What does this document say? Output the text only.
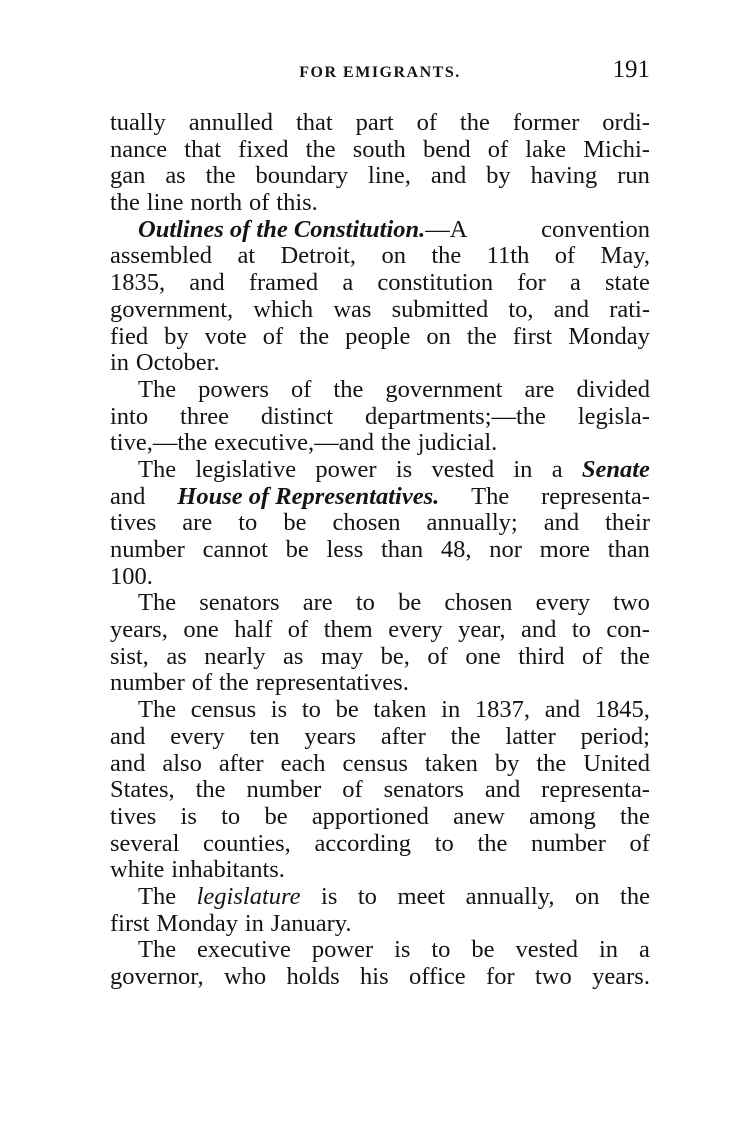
FOR EMIGRANTS.	191
tually annulled that part of the former ordi-
nance that fixed the south bend of lake Michi-
gan as the boundary line, and by having run
the line north of this.
Outlines of the Constitution.—A	convention
assembled at Detroit, on the 11th of May,
1835, and framed a constitution for a state
government, which was submitted to, and rati-
fied by vote of the people on the first Monday
in October.
The powers of the government are divided
into three distinct departments;—the legisla-
tive,—the executive,—and the judicial.
The legislative power is vested in a Senate
and House of Representatives. The representa-
tives are to be chosen annually; and their
number cannot be less than 48, nor more than
100.
The senators are to be chosen every two
years, one half of them every year, and to con-
sist, as nearly as may be, of one third of the
number of the representatives.
The census is to be taken in 1837, and 1845,
and every ten years after the latter period;
and also after each census taken by the United
States, the number of senators and representa-
tives is to be apportioned anew among the
several counties, according to the number of
white inhabitants.
The legislature is to meet annually, on the
first Monday in January.
The executive power is to be vested in a
governor, who holds his office for two years.
